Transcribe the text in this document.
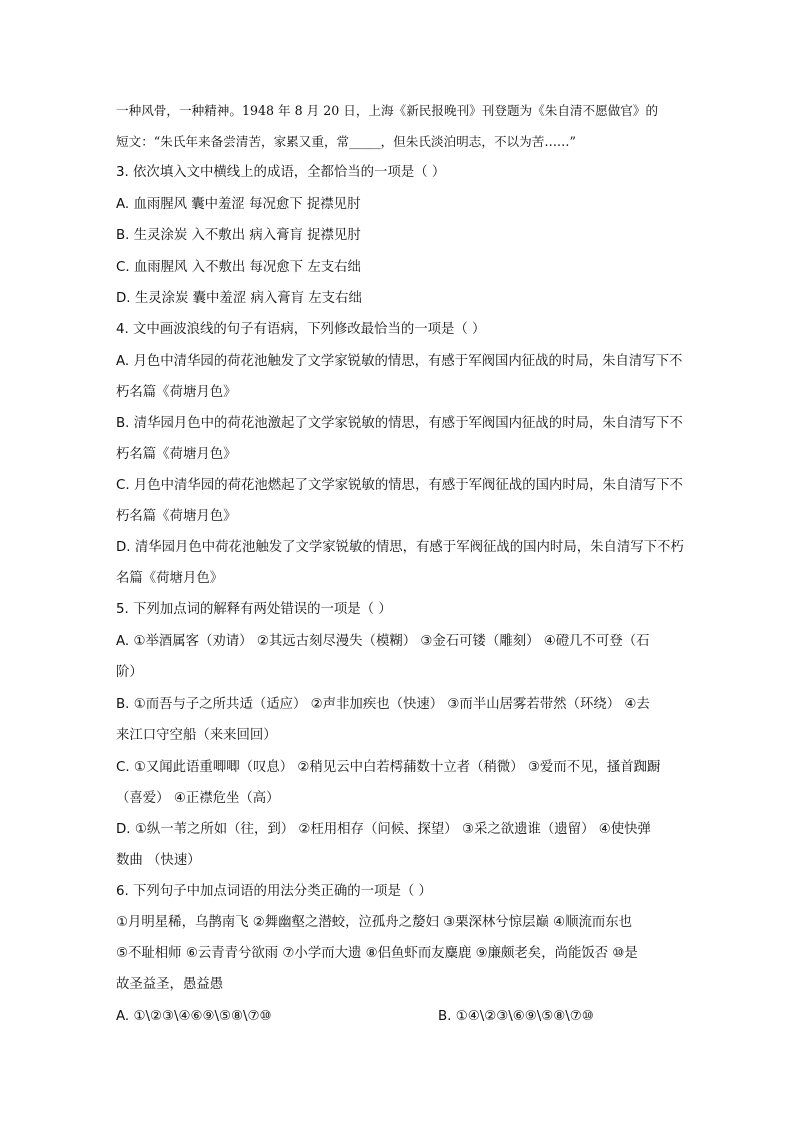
一种风骨，一种精神。1948 年 8 月 20 日，上海《新民报晚刊》刊登题为《朱自清不愿做官》的
短文：“朱氏年来备尝清苦，家累又重，常_____，但朱氏淡泊明志，不以为苦……”
3. 依次填入文中横线上的成语，全都恰当的一项是（ ）
A. 血雨腥风 囊中羞涩 每况愈下 捉襟见肘
B. 生灵涂炭 入不敷出 病入膏肓 捉襟见肘
C. 血雨腥风 入不敷出 每况愈下 左支右绌
D. 生灵涂炭 囊中羞涩 病入膏肓 左支右绌
4. 文中画波浪线的句子有语病，下列修改最恰当的一项是（ ）
A. 月色中清华园的荷花池触发了文学家锐敏的情思，有感于军阀国内征战的时局，朱自清写下不
朽名篇《荷塘月色》
B. 清华园月色中的荷花池激起了文学家锐敏的情思，有感于军阀国内征战的时局，朱自清写下不
朽名篇《荷塘月色》
C. 月色中清华园的荷花池燃起了文学家锐敏的情思，有感于军阀征战的国内时局，朱自清写下不
朽名篇《荷塘月色》
D. 清华园月色中荷花池触发了文学家锐敏的情思，有感于军阀征战的国内时局，朱自清写下不朽
名篇《荷塘月色》
5. 下列加点词的解释有两处错误的一项是（ ）
A. ①举酒属客（劝请） ②其远古刻尽漫失（模糊） ③金石可镂（雕刻） ④磴几不可登（石
阶）
B. ①而吾与子之所共适（适应） ②声非加疾也（快速） ③而半山居雾若带然（环绕） ④去
来江口守空船（来来回回）
C. ①又闻此语重唧唧（叹息） ②稍见云中白若樗蒱数十立者（稍微） ③爱而不见，搔首踟蹰
（喜爱） ④正襟危坐（高）
D. ①纵一苇之所如（往，到） ②枉用相存（问候、探望） ③采之欲遗谁（遗留） ④使快弹
数曲 （快速）
6. 下列句子中加点词语的用法分类正确的一项是（ ）
①月明星稀，乌鹊南飞 ②舞幽壑之潜蛟，泣孤舟之嫠妇 ③栗深林兮惊层巅 ④顺流而东也
⑤不耻相师 ⑥云青青兮欲雨 ⑦小学而大遗 ⑧侣鱼虾而友麋鹿 ⑨廉颇老矣，尚能饭否 ⑩是
故圣益圣，愚益愚
A. ①\②③\④⑥⑨\⑤⑧\⑦⑩	B. ①④\②③\⑥⑨\⑤⑧\⑦⑩
